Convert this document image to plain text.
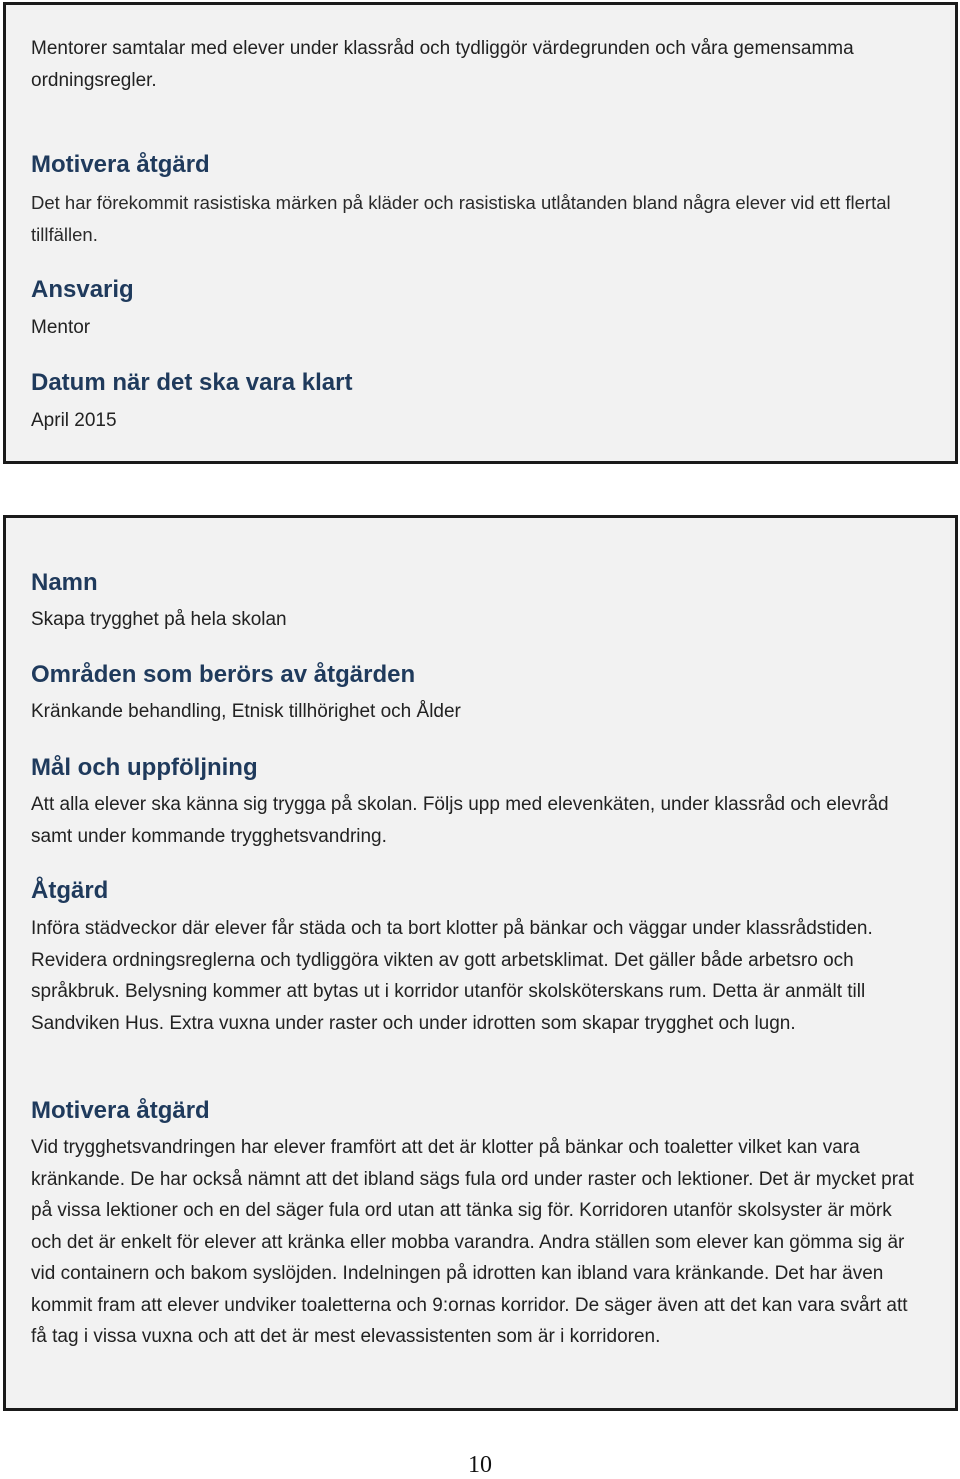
Mentorer samtalar med elever under klassråd och tydliggör värdegrunden och våra gemensamma ordningsregler.

Motivera åtgärd

Det har förekommit rasistiska märken på kläder och rasistiska utlåtanden bland några elever vid ett flertal tillfällen.

Ansvarig

Mentor

Datum när det ska vara klart

April 2015

Namn

Skapa trygghet på hela skolan

Områden som berörs av åtgärden

Kränkande behandling, Etnisk tillhörighet och Ålder

Mål och uppföljning

Att alla elever ska känna sig trygga på skolan. Följs upp med elevenkäten, under klassråd och elevråd samt under kommande trygghetsvandring.

Åtgärd

Införa städveckor där elever får städa och ta bort klotter på bänkar och väggar under klassrådstiden. Revidera ordningsreglerna och tydliggöra vikten av gott arbetsklimat. Det gäller både arbetsro och språkbruk. Belysning kommer att bytas ut i korridor utanför skolsköterskans rum. Detta är anmält till Sandviken Hus. Extra vuxna under raster och under idrotten som skapar trygghet och lugn.

Motivera åtgärd

Vid trygghetsvandringen har elever framfört att det är klotter på bänkar och toaletter vilket kan vara kränkande. De har också nämnt att det ibland sägs fula ord under raster och lektioner. Det är mycket prat på vissa lektioner och en del säger fula ord utan att tänka sig för. Korridoren utanför skolsyster är mörk och det är enkelt för elever att kränka eller mobba varandra. Andra ställen som elever kan gömma sig är vid containern och bakom syslöjden. Indelningen på idrotten kan ibland vara kränkande. Det har även kommit fram att elever undviker toaletterna och 9:ornas korridor. De säger även att det kan vara svårt att få tag i vissa vuxna och att det är mest elevassistenten som är i korridoren.

10
